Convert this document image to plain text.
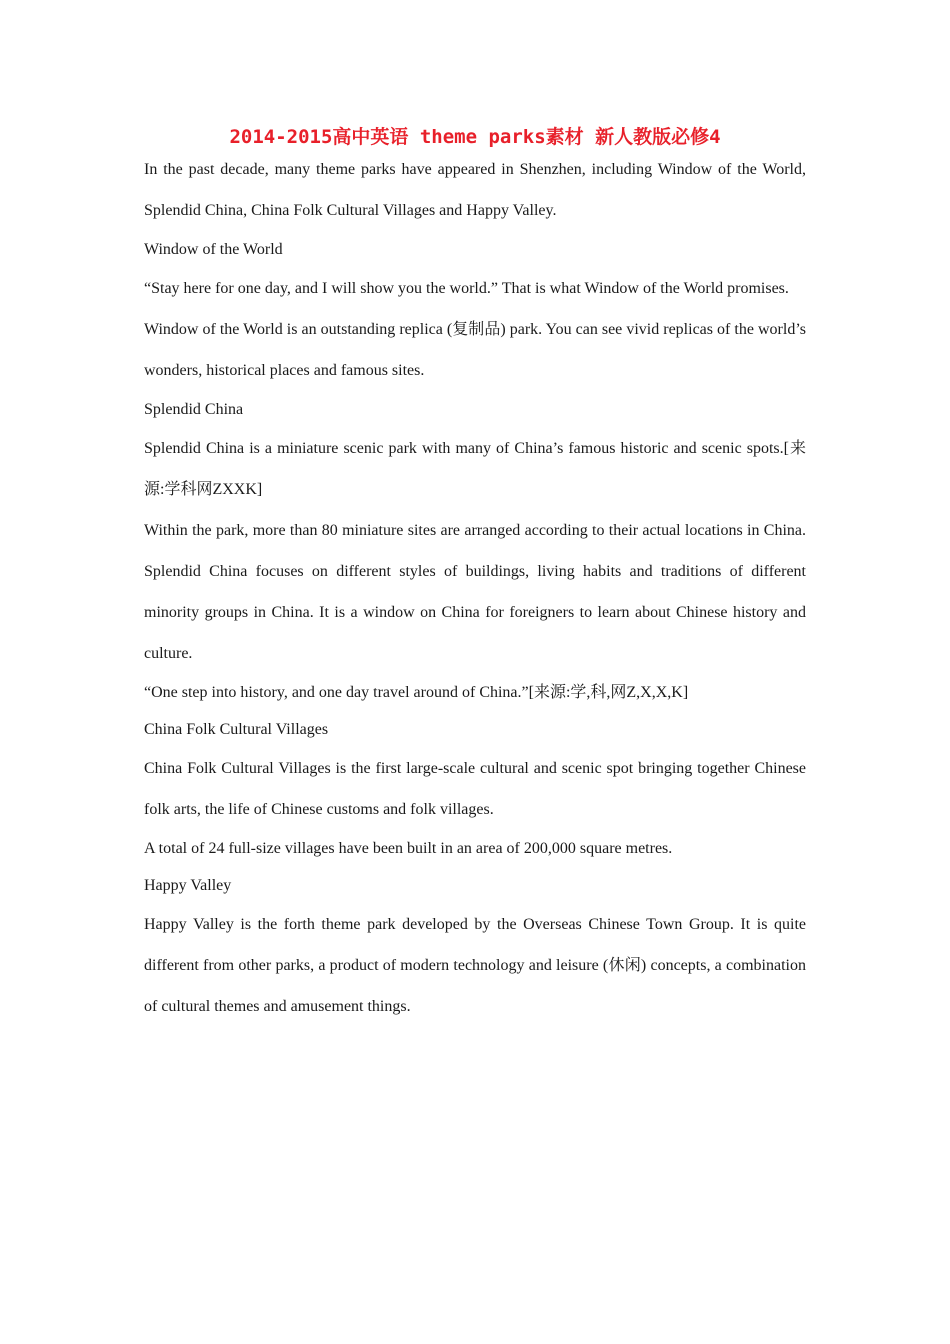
2014-2015高中英语 theme parks素材 新人教版必修4

In the past decade, many theme parks have appeared in Shenzhen, including Window of the World, Splendid China, China Folk Cultural Villages and Happy Valley.

Window of the World

“Stay here for one day, and I will show you the world.” That is what Window of the World promises.

Window of the World is an outstanding replica (复制品) park. You can see vivid replicas of the world’s wonders, historical places and famous sites.

Splendid China

Splendid China is a miniature scenic park with many of China’s famous historic and scenic spots.[来源:学科网ZXXK]

Within the park, more than 80 miniature sites are arranged according to their actual locations in China. Splendid China focuses on different styles of buildings, living habits and traditions of different minority groups in China. It is a window on China for foreigners to learn about Chinese history and culture.

“One step into history, and one day travel around of China.”[来源:学,科,网Z,X,X,K]

China Folk Cultural Villages

China Folk Cultural Villages is the first large-scale cultural and scenic spot bringing together Chinese folk arts, the life of Chinese customs and folk villages.

A total of 24 full-size villages have been built in an area of 200,000 square metres.

Happy Valley

Happy Valley is the forth theme park developed by the Overseas Chinese Town Group. It is quite different from other parks, a product of modern technology and leisure (休闲) concepts, a combination of cultural themes and amusement things.
